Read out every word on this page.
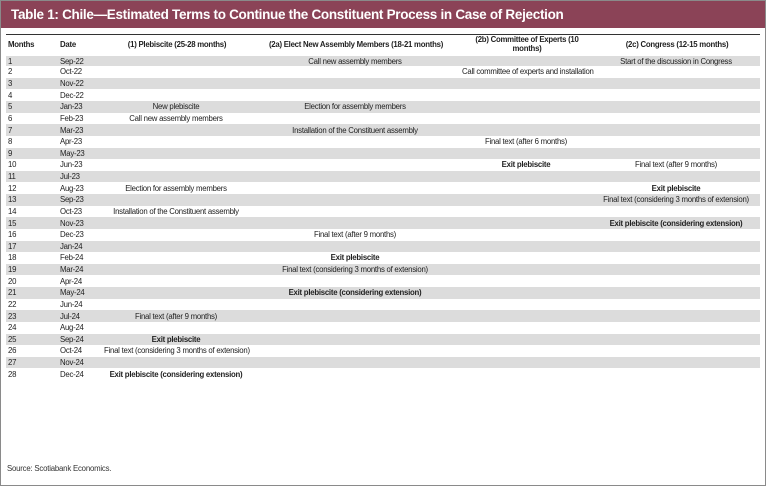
Table 1: Chile—Estimated Terms to Continue the Constituent Process in Case of Rejection
Months	Date	(1) Plebiscite (25-28 months)	(2a) Elect New Assembly Members (18-21 months)	(2b) Committee of Experts (10 months)	(2c) Congress (12-15 months)
1	Sep-22		Call new assembly members		Start of the discussion in Congress
2	Oct-22			Call committee of experts and installation	
3	Nov-22				
4	Dec-22				
5	Jan-23	New plebiscite	Election for assembly members		
6	Feb-23	Call new assembly members			
7	Mar-23		Installation of the Constituent assembly		
8	Apr-23			Final text (after 6 months)	
9	May-23				
10	Jun-23			Exit plebiscite	Final text (after 9 months)
11	Jul-23				
12	Aug-23	Election for assembly members			Exit plebiscite
13	Sep-23				Final text (considering 3 months of extension)
14	Oct-23	Installation of the Constituent assembly			
15	Nov-23				Exit plebiscite (considering extension)
16	Dec-23		Final text (after 9 months)		
17	Jan-24				
18	Feb-24		Exit plebiscite		
19	Mar-24		Final text (considering 3 months of extension)		
20	Apr-24				
21	May-24		Exit plebiscite (considering extension)		
22	Jun-24				
23	Jul-24	Final text (after 9 months)			
24	Aug-24				
25	Sep-24	Exit plebiscite			
26	Oct-24	Final text (considering 3 months of extension)			
27	Nov-24				
28	Dec-24	Exit plebiscite (considering extension)			
Source: Scotiabank Economics.
